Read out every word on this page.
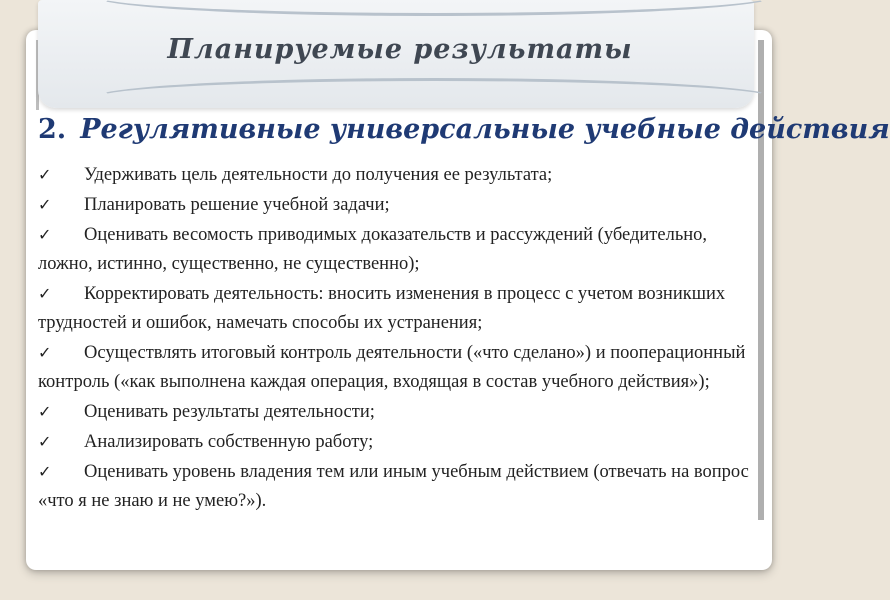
Планируемые результаты
2. Регулятивные универсальные учебные действия
✓ Удерживать цель деятельности до получения ее результата;
✓ Планировать решение учебной задачи;
✓ Оценивать весомость приводимых доказательств и рассуждений (убедительно, ложно, истинно, существенно, не существенно);
✓ Корректировать деятельность: вносить изменения в процесс с учетом возникших трудностей и ошибок, намечать способы их устранения;
✓ Осуществлять итоговый контроль деятельности («что сделано») и пооперационный контроль («как выполнена каждая операция, входящая в состав учебного действия»);
✓ Оценивать результаты деятельности;
✓ Анализировать собственную работу;
✓ Оценивать уровень владения тем или иным учебным действием (отвечать на вопрос «что я не знаю и не умею?»).
